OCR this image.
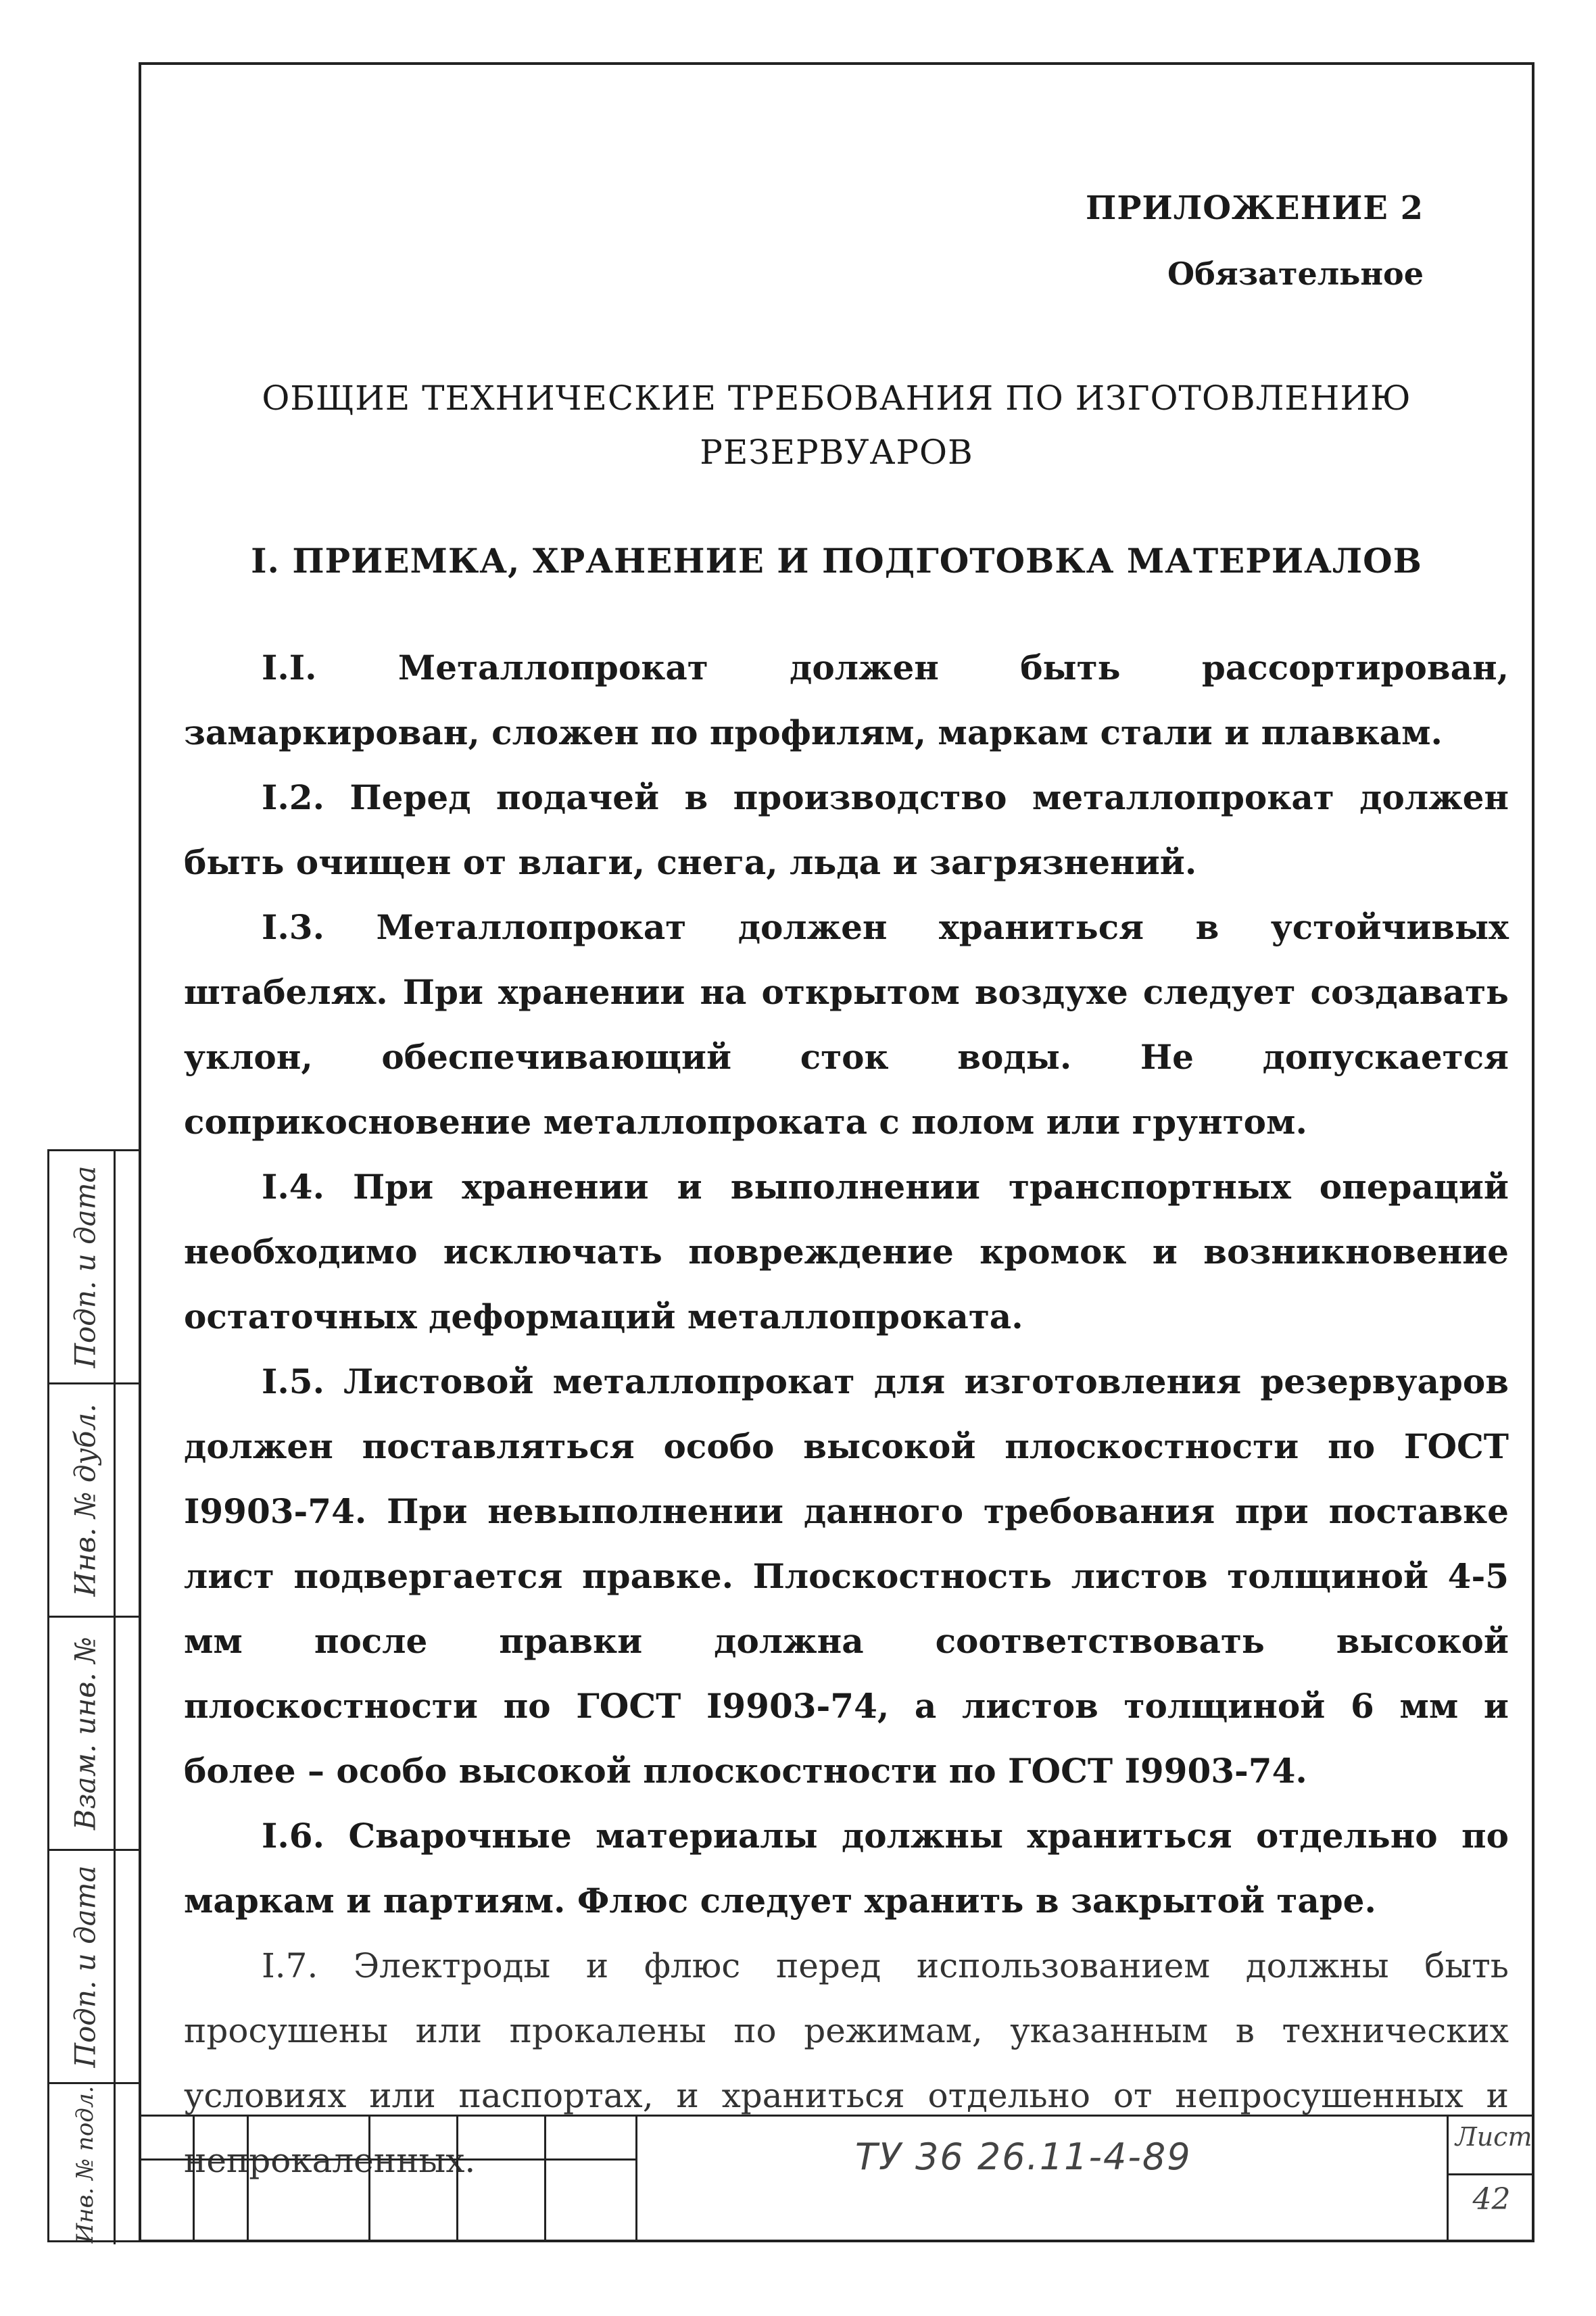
Подп. и дата
Инв. № дубл.
Взам. инв. №
Подп. и дата
Инв. № подл.
ПРИЛОЖЕНИЕ 2
Обязательное
ОБЩИЕ ТЕХНИЧЕСКИЕ ТРЕБОВАНИЯ ПО ИЗГОТОВЛЕНИЮ
РЕЗЕРВУАРОВ
I. ПРИЕМКА, ХРАНЕНИЕ И ПОДГОТОВКА МАТЕРИАЛОВ

I.I. Металлопрокат должен быть рассортирован, замаркирован, сложен по профилям, маркам стали и плавкам.

I.2. Перед подачей в производство металлопрокат должен быть очищен от влаги, снега, льда и загрязнений.

I.3. Металлопрокат должен храниться в устойчивых штабелях. При хранении на открытом воздухе следует создавать уклон, обеспечивающий сток воды. Не допускается соприкосновение металлопроката с полом или грунтом.

I.4. При хранении и выполнении транспортных операций необходимо исключать повреждение кромок и возникновение остаточных деформаций металлопроката.

I.5. Листовой металлопрокат для изготовления резервуаров должен поставляться особо высокой плоскостности по ГОСТ I9903-74. При невыполнении данного требования при поставке лист подвергается правке. Плоскостность листов толщиной 4-5 мм после правки должна соответствовать высокой плоскостности по ГОСТ I9903-74, а листов толщиной 6 мм и более – особо высокой плоскостности по ГОСТ I9903-74.

I.6. Сварочные материалы должны храниться отдельно по маркам и партиям. Флюс следует хранить в закрытой таре.

I.7. Электроды и флюс перед использованием должны быть просушены или прокалены по режимам, указанным в технических условиях или паспортах, и храниться отдельно от непросушенных и непрокаленных.	ТУ 36 26.11-4-89	Лист
42
